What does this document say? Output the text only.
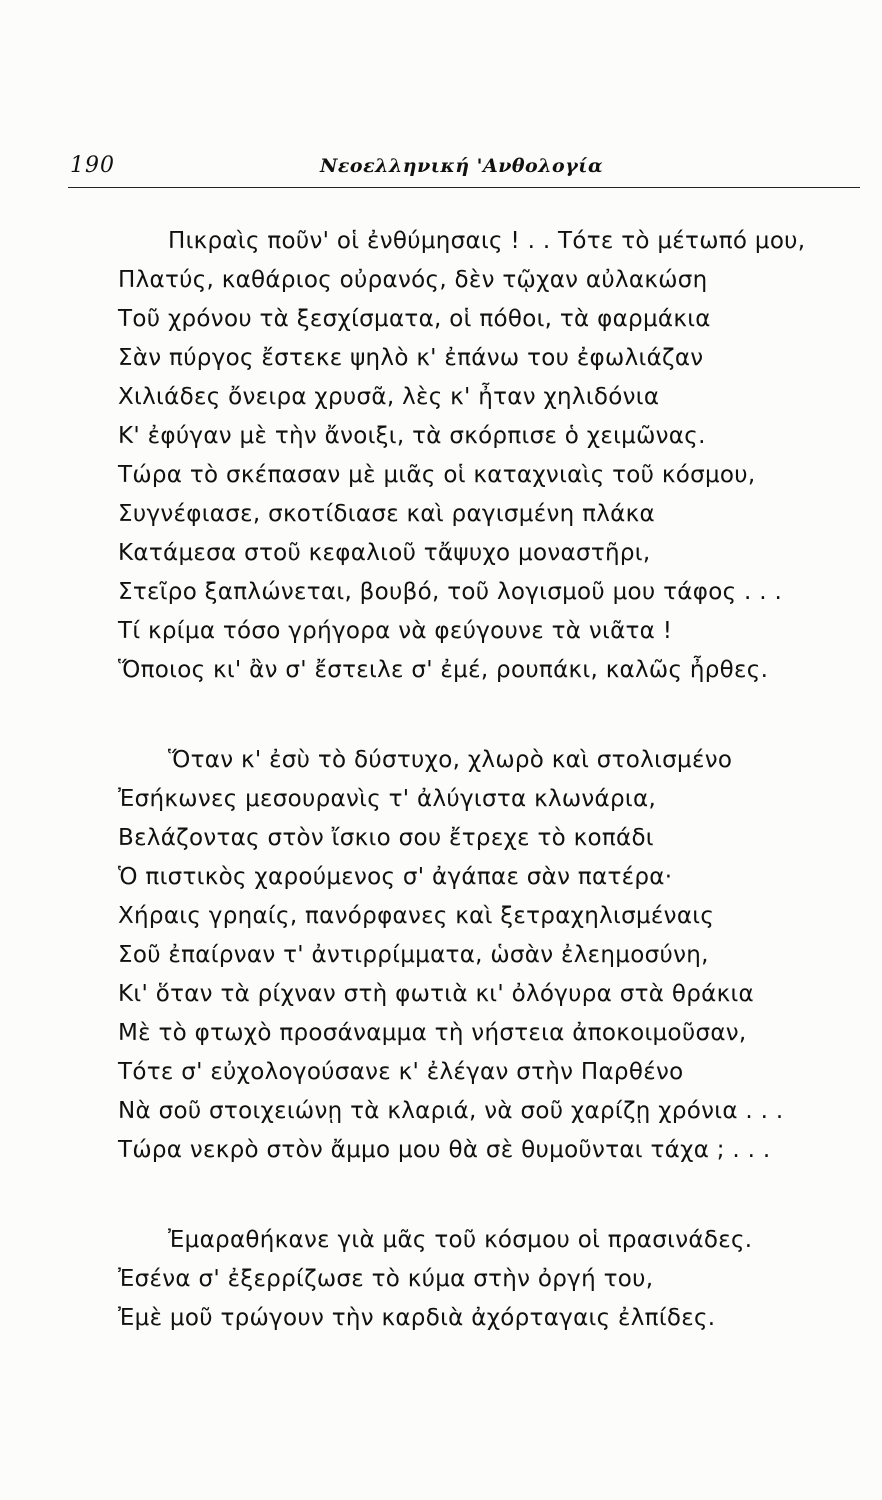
190	Νεοελληνική 'Ανθολογία
Πικραὶς ποῦν' οἱ ἐνθύμησαις ! . . Τότε τὸ μέτωπό μου,
Πλατύς, καθάριος οὐρανός, δὲν τῷχαν αὐλακώση
Τοῦ χρόνου τὰ ξεσχίσματα, οἱ πόθοι, τὰ φαρμάκια
Σὰν πύργος ἔστεκε ψηλὸ κ' ἐπάνω του ἐφωλιάζαν
Χιλιάδες ὄνειρα χρυσᾶ, λὲς κ' ἦταν χηλιδόνια
Κ' ἐφύγαν μὲ τὴν ἄνοιξι, τὰ σκόρπισε ὁ χειμῶνας.
Τώρα τὸ σκέπασαν μὲ μιᾶς οἱ καταχνιαὶς τοῦ κόσμου,
Συγνέφιασε, σκοτίδιασε καὶ ραγισμένη πλάκα
Κατάμεσα στοῦ κεφαλιοῦ τἄψυχο μοναστῆρι,
Στεῖρο ξαπλώνεται, βουβό, τοῦ λογισμοῦ μου τάφος . . .
Τί κρίμα τόσο γρήγορα νὰ φεύγουνε τὰ νιᾶτα !
Ὅποιος κι' ἂν σ' ἔστειλε σ' ἐμέ, ρουπάκι, καλῶς ἦρθες.
Ὅταν κ' ἐσὺ τὸ δύστυχο, χλωρὸ καὶ στολισμένο
Ἐσήκωνες μεσουρανὶς τ' ἀλύγιστα κλωνάρια,
Βελάζοντας στὸν ἴσκιο σου ἔτρεχε τὸ κοπάδι
Ὁ πιστικὸς χαρούμενος σ' ἀγάπαε σὰν πατέρα·
Χήραις γρηαίς, πανόρφανες καὶ ξετραχηλισμέναις
Σοῦ ἐπαίρναν τ' ἀντιρρίμματα, ὡσὰν ἐλεημοσύνη,
Κι' ὅταν τὰ ρίχναν στὴ φωτιὰ κι' ὀλόγυρα στὰ θράκια
Μὲ τὸ φτωχὸ προσάναμμα τὴ νήστεια ἀποκοιμοῦσαν,
Τότε σ' εὐχολογούσανε κ' ἐλέγαν στὴν Παρθένο
Νὰ σοῦ στοιχειώνῃ τὰ κλαριά, νὰ σοῦ χαρίζῃ χρόνια . . .
Τώρα νεκρὸ στὸν ἄμμο μου θὰ σὲ θυμοῦνται τάχα ; . . .
Ἐμαραθήκανε γιὰ μᾶς τοῦ κόσμου οἱ πρασινάδες.
Ἐσένα σ' ἐξερρίζωσε τὸ κύμα στὴν ὀργή του,
Ἐμὲ μοῦ τρώγουν τὴν καρδιὰ ἀχόρταγαις ἐλπίδες.
